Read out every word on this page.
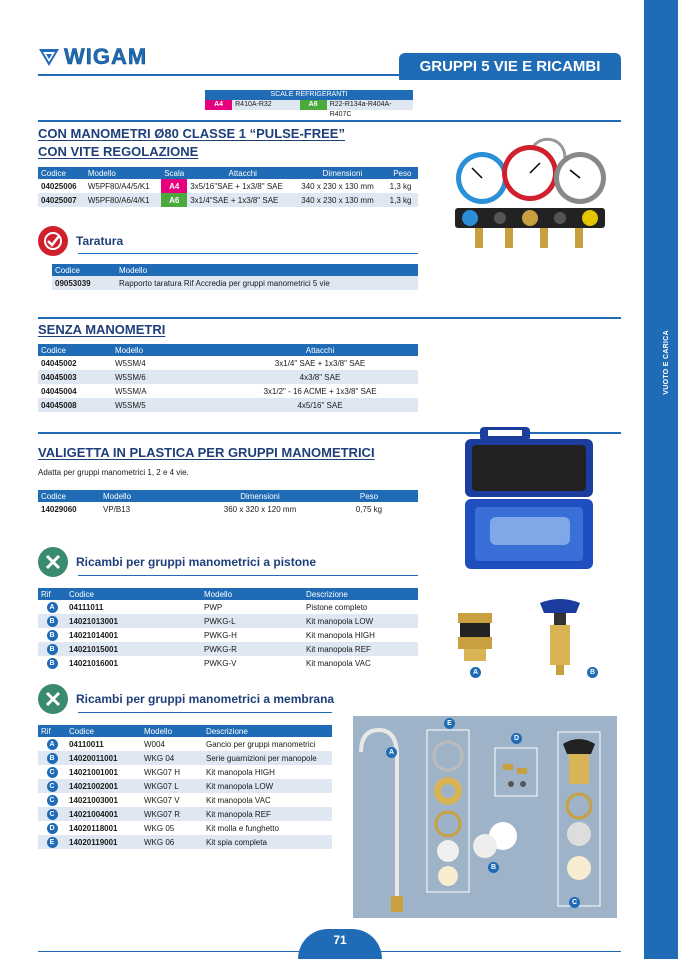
VUOTO E CARICA
WIGAM	GRUPPI 5 VIE E RICAMBI
SCALE REFRIGERANTI
A4	R410A-R32	A6	R22-R134a-R404A-R407C
CON MANOMETRI Ø80 CLASSE 1 “PULSE-FREE”
CON VITE REGOLAZIONE
Codice	Modello	Scala	Attacchi	Dimensioni	Peso
04025006	W5PF80/A4/5/K1	A4	3x5/16"SAE + 1x3/8" SAE	340 x 230 x 130 mm	1,3 kg
04025007	W5PF80/A6/4/K1	A6	3x1/4"SAE + 1x3/8" SAE	340 x 230 x 130 mm	1,3 kg
Taratura
Codice	Modello
09053039	Rapporto taratura Rif Accredia per gruppi manometrici 5 vie
SENZA MANOMETRI
Codice	Modello	Attacchi
04045002	W5SM/4	3x1/4" SAE + 1x3/8" SAE
04045003	W5SM/6	4x3/8" SAE
04045004	W5SM/A	3x1/2" - 16 ACME + 1x3/8" SAE
04045008	W5SM/5	4x5/16" SAE
VALIGETTA IN PLASTICA PER GRUPPI MANOMETRICI
Adatta per gruppi manometrici 1, 2 e 4 vie.
Codice	Modello	Dimensioni	Peso
14029060	VP/B13	360 x 320 x 120 mm	0,75 kg
Ricambi per gruppi manometrici a pistone
Rif	Codice	Modello	Descrizione
A	04111011	PWP	Pistone completo
B	14021013001	PWKG-L	Kit manopola LOW
B	14021014001	PWKG-H	Kit manopola HIGH
B	14021015001	PWKG-R	Kit manopola REF
B	14021016001	PWKG-V	Kit manopola VAC
A	B
Ricambi per gruppi manometrici a membrana
Rif	Codice	Modello	Descrizione
A	04110011	W004	Gancio per gruppi manometrici
B	14020011001	WKG 04	Serie guarnizioni per manopole
C	14021001001	WKG07 H	Kit manopola HIGH
C	14021002001	WKG07 L	Kit manopola LOW
C	14021003001	WKG07 V	Kit manopola VAC
C	14021004001	WKG07 R	Kit manopola REF
D	14020118001	WKG 05	Kit molla e funghetto
E	14020119001	WKG 06	Kit spia completa
A
B
C
D
E
71
